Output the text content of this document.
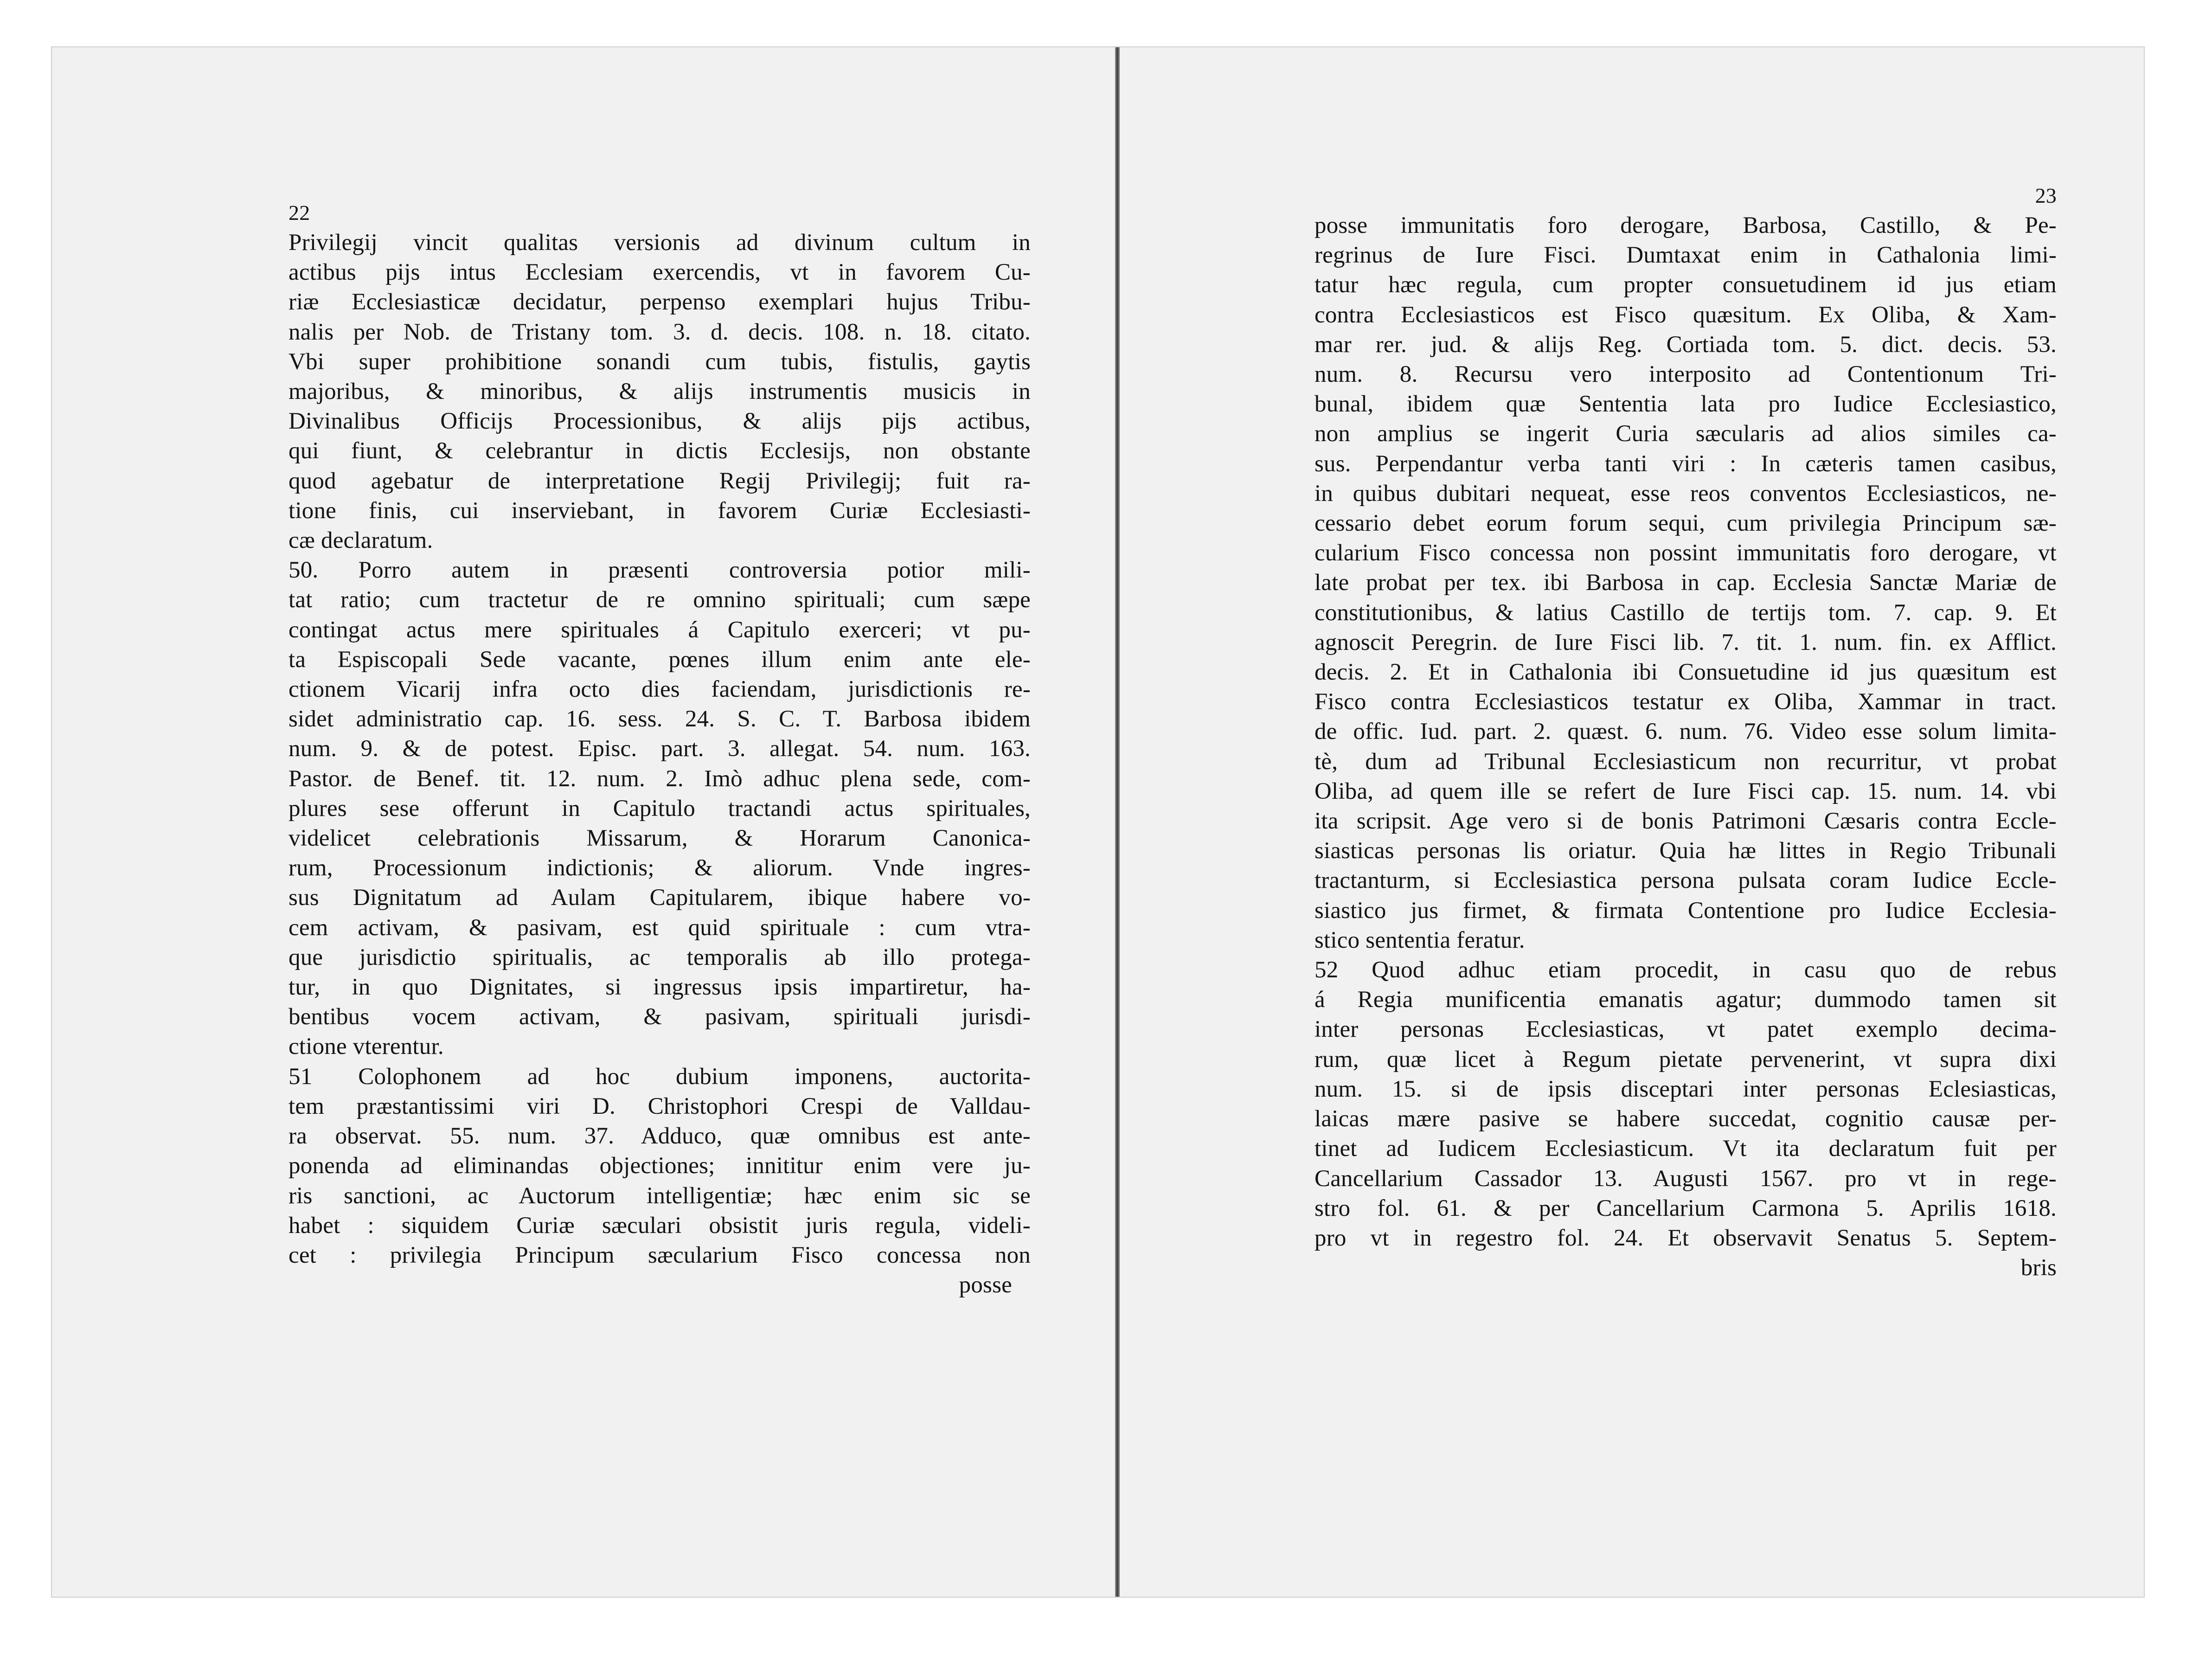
22
Privilegij vincit qualitas versionis ad divinum cultum in
actibus pijs intus Ecclesiam exercendis, vt in favorem Cu-
riæ Ecclesiasticæ decidatur, perpenso exemplari hujus Tribu-
nalis per Nob. de Tristany tom. 3. d. decis. 108. n. 18. citato.
Vbi super prohibitione sonandi cum tubis, fistulis, gaytis
majoribus, & minoribus, & alijs instrumentis musicis in
Divinalibus Officijs Processionibus, & alijs pijs actibus,
qui fiunt, & celebrantur in dictis Ecclesijs, non obstante
quod agebatur de interpretatione Regij Privilegij; fuit ra-
tione finis, cui inserviebant, in favorem Curiæ Ecclesiasti-
cæ declaratum.
50. Porro autem in præsenti controversia potior mili-
tat ratio; cum tractetur de re omnino spirituali; cum sæpe
contingat actus mere spirituales á Capitulo exerceri; vt pu-
ta Espiscopali Sede vacante, pœnes illum enim ante ele-
ctionem Vicarij infra octo dies faciendam, jurisdictionis re-
sidet administratio cap. 16. sess. 24. S. C. T. Barbosa ibidem
num. 9. & de potest. Episc. part. 3. allegat. 54. num. 163.
Pastor. de Benef. tit. 12. num. 2. Imò adhuc plena sede, com-
plures sese offerunt in Capitulo tractandi actus spirituales,
videlicet celebrationis Missarum, & Horarum Canonica-
rum, Processionum indictionis; & aliorum. Vnde ingres-
sus Dignitatum ad Aulam Capitularem, ibique habere vo-
cem activam, & pasivam, est quid spirituale : cum vtra-
que jurisdictio spiritualis, ac temporalis ab illo protega-
tur, in quo Dignitates, si ingressus ipsis impartiretur, ha-
bentibus vocem activam, & pasivam, spirituali jurisdi-
ctione vterentur.
51 Colophonem ad hoc dubium imponens, auctorita-
tem præstantissimi viri D. Christophori Crespi de Valldau-
ra observat. 55. num. 37. Adduco, quæ omnibus est ante-
ponenda ad eliminandas objectiones; innititur enim vere ju-
ris sanctioni, ac Auctorum intelligentiæ; hæc enim sic se
habet : siquidem Curiæ sæculari obsistit juris regula, videli-
cet : privilegia Principum sæcularium Fisco concessa non
posse
23
posse immunitatis foro derogare, Barbosa, Castillo, & Pe-
regrinus de Iure Fisci. Dumtaxat enim in Cathalonia limi-
tatur hæc regula, cum propter consuetudinem id jus etiam
contra Ecclesiasticos est Fisco quæsitum. Ex Oliba, & Xam-
mar rer. jud. & alijs Reg. Cortiada tom. 5. dict. decis. 53.
num. 8. Recursu vero interposito ad Contentionum Tri-
bunal, ibidem quæ Sententia lata pro Iudice Ecclesiastico,
non amplius se ingerit Curia sæcularis ad alios similes ca-
sus. Perpendantur verba tanti viri : In cæteris tamen casibus,
in quibus dubitari nequeat, esse reos conventos Ecclesiasticos, ne-
cessario debet eorum forum sequi, cum privilegia Principum sæ-
cularium Fisco concessa non possint immunitatis foro derogare, vt
late probat per tex. ibi Barbosa in cap. Ecclesia Sanctæ Mariæ de
constitutionibus, & latius Castillo de tertijs tom. 7. cap. 9. Et
agnoscit Peregrin. de Iure Fisci lib. 7. tit. 1. num. fin. ex Afflict.
decis. 2. Et in Cathalonia ibi Consuetudine id jus quæsitum est
Fisco contra Ecclesiasticos testatur ex Oliba, Xammar in tract.
de offic. Iud. part. 2. quæst. 6. num. 76. Video esse solum limita-
tè, dum ad Tribunal Ecclesiasticum non recurritur, vt probat
Oliba, ad quem ille se refert de Iure Fisci cap. 15. num. 14. vbi
ita scripsit. Age vero si de bonis Patrimoni Cæsaris contra Eccle-
siasticas personas lis oriatur. Quia hæ littes in Regio Tribunali
tractanturm, si Ecclesiastica persona pulsata coram Iudice Eccle-
siastico jus firmet, & firmata Contentione pro Iudice Ecclesia-
stico sententia feratur.
52 Quod adhuc etiam procedit, in casu quo de rebus
á Regia munificentia emanatis agatur; dummodo tamen sit
inter personas Ecclesiasticas, vt patet exemplo decima-
rum, quæ licet à Regum pietate pervenerint, vt supra dixi
num. 15. si de ipsis disceptari inter personas Eclesiasticas,
laicas mære pasive se habere succedat, cognitio causæ per-
tinet ad Iudicem Ecclesiasticum. Vt ita declaratum fuit per
Cancellarium Cassador 13. Augusti 1567. pro vt in rege-
stro fol. 61. & per Cancellarium Carmona 5. Aprilis 1618.
pro vt in regestro fol. 24. Et observavit Senatus 5. Septem-
bris
